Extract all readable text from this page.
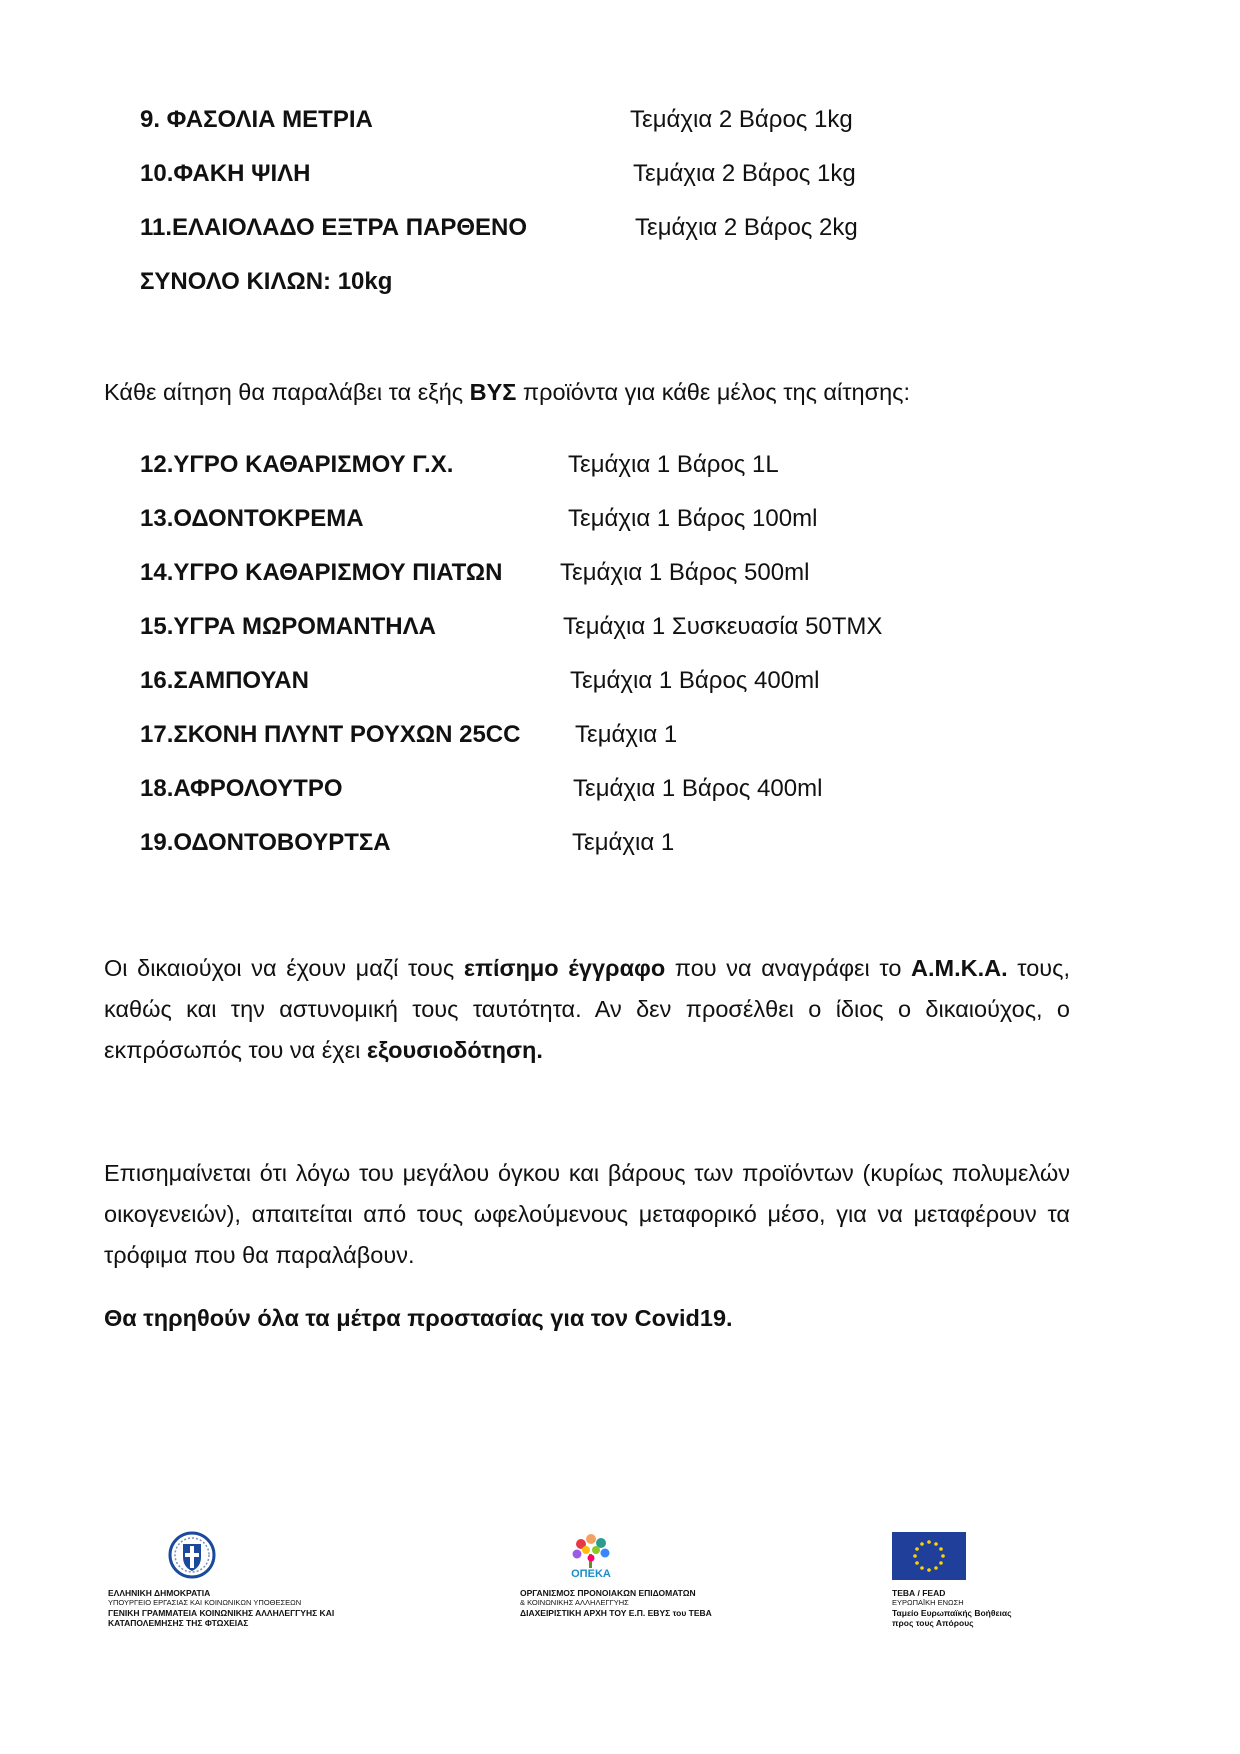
9. ΦΑΣΟΛΙΑ ΜΕΤΡΙΑ	Τεμάχια 2 Βάρος 1kg
10.ΦΑΚΗ ΨΙΛΗ	Τεμάχια 2 Βάρος 1kg
11.ΕΛΑΙΟΛΑΔΟ ΕΞΤΡΑ ΠΑΡΘΕΝΟ	Τεμάχια 2 Βάρος 2kg
ΣΥΝΟΛΟ ΚΙΛΩΝ: 10kg
Κάθε αίτηση θα παραλάβει τα εξής ΒΥΣ προϊόντα για κάθε μέλος της αίτησης:
12.ΥΓΡΟ ΚΑΘΑΡΙΣΜΟΥ Γ.Χ.	Τεμάχια 1 Βάρος 1L
13.ΟΔΟΝΤΟΚΡΕΜΑ	Τεμάχια 1 Βάρος 100ml
14.ΥΓΡΟ ΚΑΘΑΡΙΣΜΟΥ ΠΙΑΤΩΝ Τεμάχια 1 Βάρος 500ml
15.ΥΓΡΑ ΜΩΡΟΜΑΝΤΗΛΑ	Τεμάχια 1 Συσκευασία 50ΤΜΧ
16.ΣΑΜΠΟΥΑΝ	Τεμάχια 1 Βάρος 400ml
17.ΣΚΟΝΗ ΠΛΥΝΤ ΡΟΥΧΩΝ 25CC Τεμάχια 1
18.ΑΦΡΟΛΟΥΤΡΟ	Τεμάχια 1 Βάρος 400ml
19.ΟΔΟΝΤΟΒΟΥΡΤΣΑ	Τεμάχια 1
Οι δικαιούχοι να έχουν μαζί τους επίσημο έγγραφο που να αναγράφει το Α.Μ.Κ.Α. τους, καθώς και την αστυνομική τους ταυτότητα. Αν δεν προσέλθει ο ίδιος ο δικαιούχος, ο εκπρόσωπός του να έχει εξουσιοδότηση.
Επισημαίνεται ότι λόγω του μεγάλου όγκου και βάρους των προϊόντων (κυρίως πολυμελών οικογενειών), απαιτείται από τους ωφελούμενους μεταφορικό μέσο, για να μεταφέρουν τα τρόφιμα που θα παραλάβουν.
Θα τηρηθούν όλα τα μέτρα προστασίας για τον Covid19.
ΕΛΛΗΝΙΚΗ ΔΗΜΟΚΡΑΤΙΑ
ΥΠΟΥΡΓΕΙΟ ΕΡΓΑΣΙΑΣ ΚΑΙ ΚΟΙΝΩΝΙΚΩΝ ΥΠΟΘΕΣΕΩΝ
ΓΕΝΙΚΗ ΓΡΑΜΜΑΤΕΙΑ ΚΟΙΝΩΝΙΚΗΣ ΑΛΛΗΛΕΓΓΥΗΣ ΚΑΙ
ΚΑΤΑΠΟΛΕΜΗΣΗΣ ΤΗΣ ΦΤΩΧΕΙΑΣ
ΟΠΕΚΑ
ΟΡΓΑΝΙΣΜΟΣ ΠΡΟΝΟΙΑΚΩΝ ΕΠΙΔΟΜΑΤΩΝ
& ΚΟΙΝΩΝΙΚΗΣ ΑΛΛΗΛΕΓΓΥΗΣ
ΔΙΑΧΕΙΡΙΣΤΙΚΗ ΑΡΧΗ ΤΟΥ Ε.Π. ΕΒΥΣ του ΤΕΒΑ
ΤΕΒΑ / FEAD
ΕΥΡΩΠΑΪΚΗ ΕΝΩΣΗ
Ταμείο Ευρωπαϊκής Βοήθειας
προς τους Απόρους
